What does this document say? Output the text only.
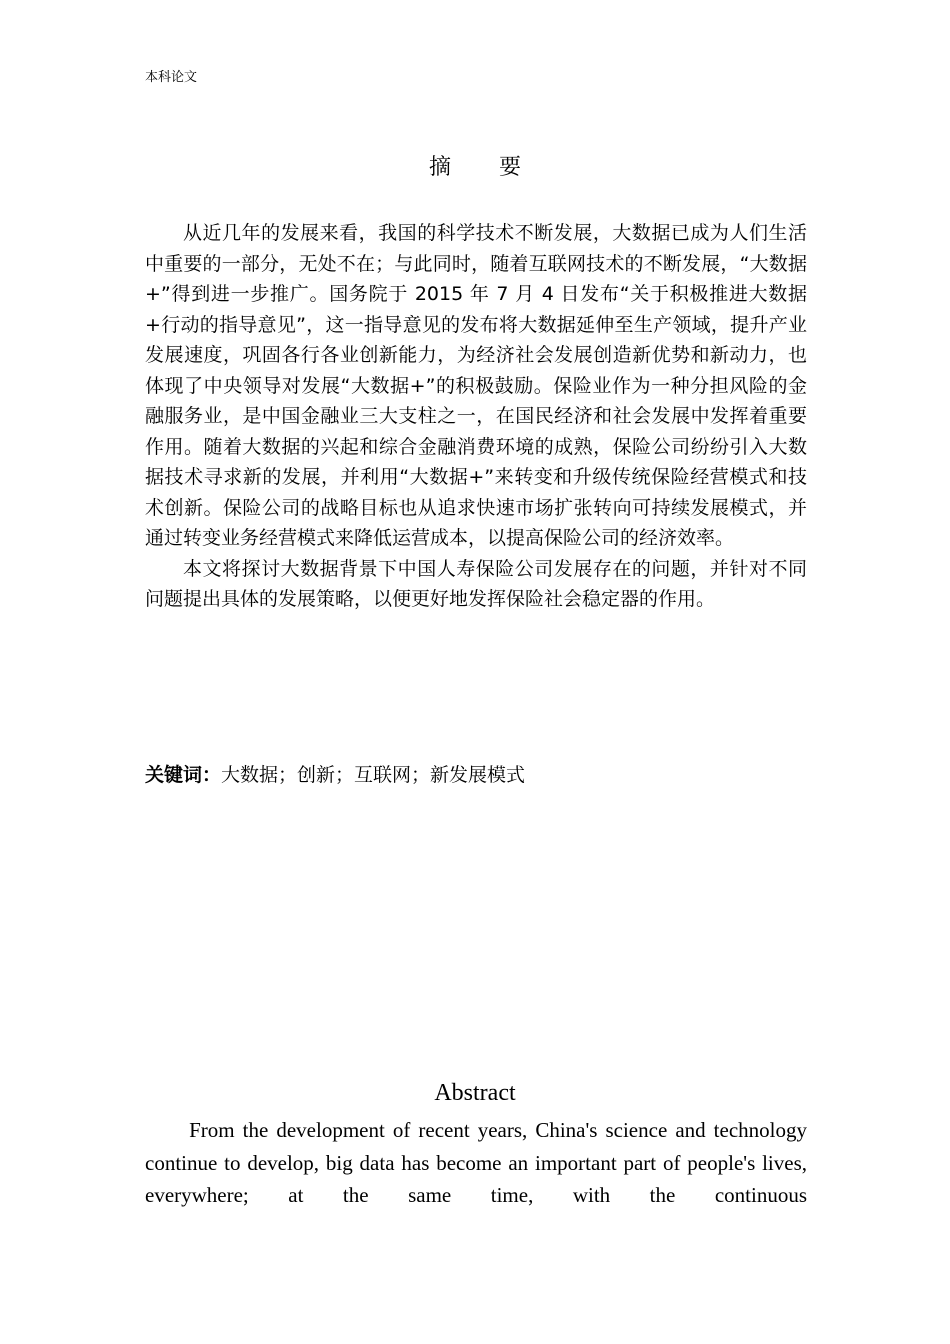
本科论文
摘要

从近几年的发展来看，我国的科学技术不断发展，大数据已成为人们生活中重要的一部分，无处不在；与此同时，随着互联网技术的不断发展，“大数据+”得到进一步推广。国务院于 2015 年 7 月 4 日发布“关于积极推进大数据+行动的指导意见”，这一指导意见的发布将大数据延伸至生产领域，提升产业发展速度，巩固各行各业创新能力，为经济社会发展创造新优势和新动力，也体现了中央领导对发展“大数据+”的积极鼓励。保险业作为一种分担风险的金融服务业，是中国金融业三大支柱之一，在国民经济和社会发展中发挥着重要作用。随着大数据的兴起和综合金融消费环境的成熟，保险公司纷纷引入大数据技术寻求新的发展，并利用“大数据+”来转变和升级传统保险经营模式和技术创新。保险公司的战略目标也从追求快速市场扩张转向可持续发展模式，并通过转变业务经营模式来降低运营成本，以提高保险公司的经济效率。

本文将探讨大数据背景下中国人寿保险公司发展存在的问题，并针对不同问题提出具体的发展策略，以便更好地发挥保险社会稳定器的作用。

关键词：大数据；创新；互联网；新发展模式
Abstract

From the development of recent years, China's science and technology continue to develop, big data has become an important part of people's lives, everywhere; at the same time, with the continuous
